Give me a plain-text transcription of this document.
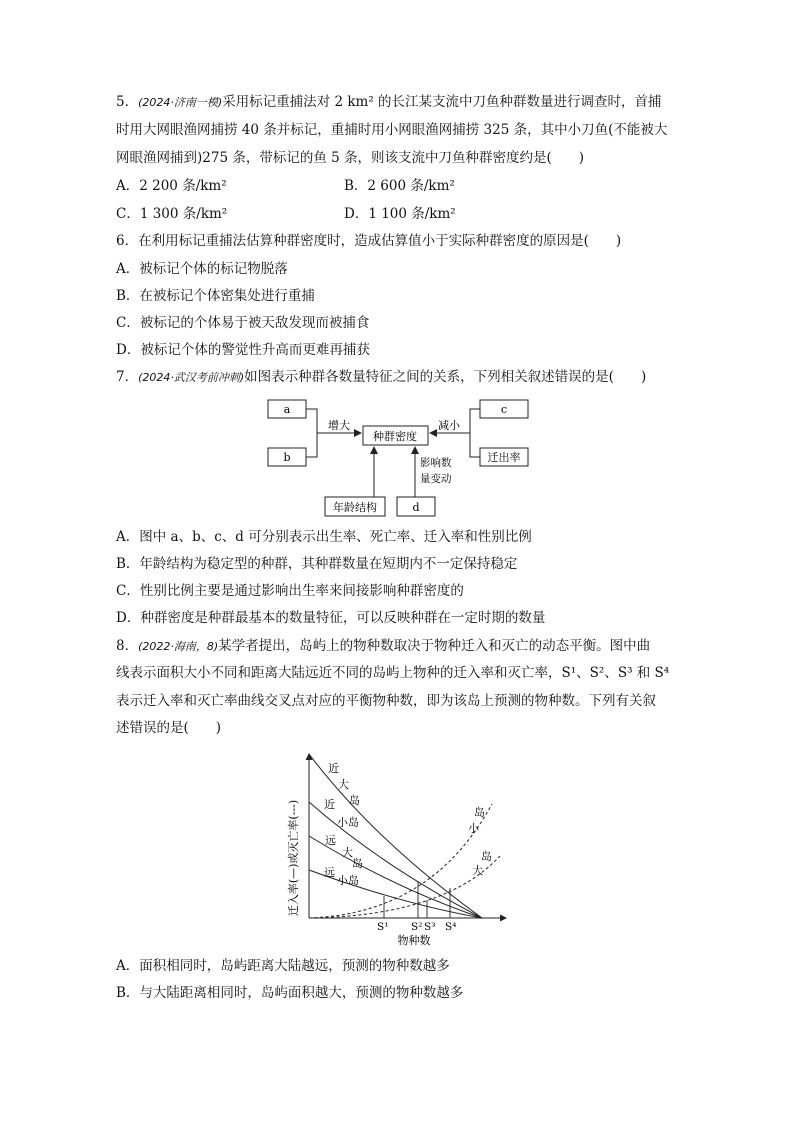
5．(2024·济南一模)采用标记重捕法对 2 km² 的长江某支流中刀鱼种群数量进行调查时，首捕
时用大网眼渔网捕捞 40 条并标记，重捕时用小网眼渔网捕捞 325 条，其中小刀鱼(不能被大
网眼渔网捕到)275 条，带标记的鱼 5 条，则该支流中刀鱼种群密度约是(　　)
A．2 200 条/km²	B．2 600 条/km²
C．1 300 条/km²	D．1 100 条/km²
6．在利用标记重捕法估算种群密度时，造成估算值小于实际种群密度的原因是(　　)
A．被标记个体的标记物脱落
B．在被标记个体密集处进行重捕
C．被标记的个体易于被天敌发现而被捕食
D．被标记个体的警觉性升高而更难再捕获
7．(2024·武汉考前冲刺)如图表示种群各数量特征之间的关系，下列相关叙述错误的是(　　)
a
b
种群密度
c
迁出率
年龄结构	d
增大	减小
影响数
量变动
A．图中 a、b、c、d 可分别表示出生率、死亡率、迁入率和性别比例
B．年龄结构为稳定型的种群，其种群数量在短期内不一定保持稳定
C．性别比例主要是通过影响出生率来间接影响种群密度的
D．种群密度是种群最基本的数量特征，可以反映种群在一定时期的数量
8．(2022·海南，8)某学者提出，岛屿上的物种数取决于物种迁入和灭亡的动态平衡。图中曲
线表示面积大小不同和距离大陆远近不同的岛屿上物种的迁入率和灭亡率，S¹、S²、S³ 和 S⁴
表示迁入率和灭亡率曲线交叉点对应的平衡物种数，即为该岛上预测的物种数。下列有关叙
述错误的是(　　)
迁入率(—)或灭亡率(---)
近
大
岛
近
小岛
远
大
岛
远
小岛
岛
小
岛
大
S¹ S² S³ S⁴
物种数
A．面积相同时，岛屿距离大陆越远，预测的物种数越多
B．与大陆距离相同时，岛屿面积越大，预测的物种数越多
